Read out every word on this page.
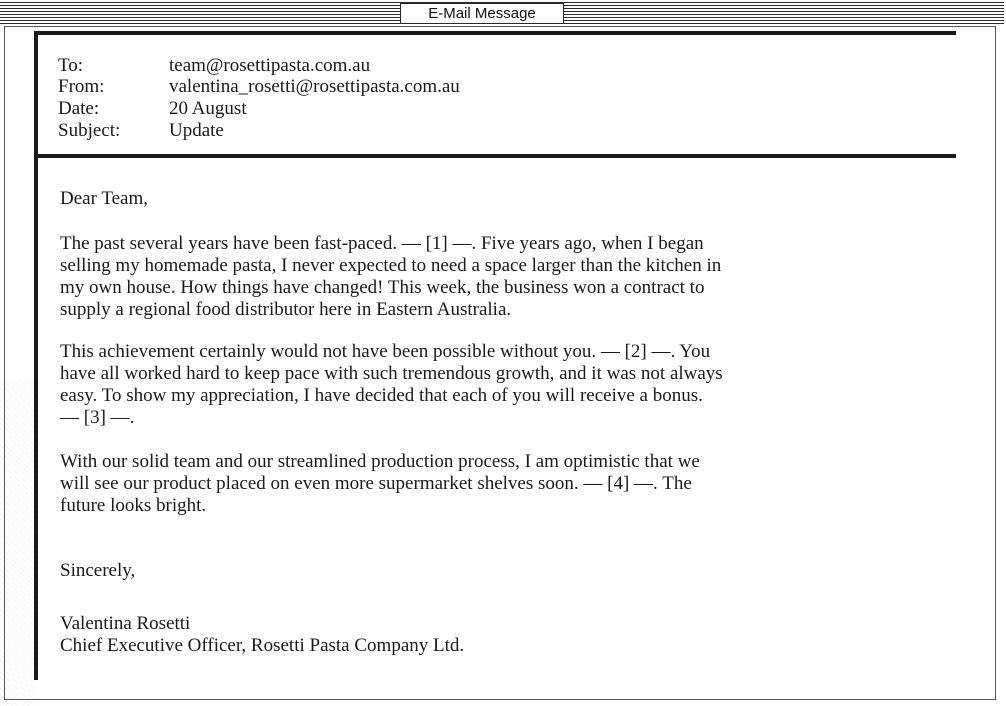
E-Mail Message
To:	team@rosettipasta.com.au
From:	valentina_rosetti@rosettipasta.com.au
Date:	20 August
Subject:	Update
Dear Team,
The past several years have been fast-paced. — [1] —. Five years ago, when I began
selling my homemade pasta, I never expected to need a space larger than the kitchen in
my own house. How things have changed! This week, the business won a contract to
supply a regional food distributor here in Eastern Australia.
This achievement certainly would not have been possible without you. — [2] —. You
have all worked hard to keep pace with such tremendous growth, and it was not always
easy. To show my appreciation, I have decided that each of you will receive a bonus.
— [3] —.
With our solid team and our streamlined production process, I am optimistic that we
will see our product placed on even more supermarket shelves soon. — [4] —. The
future looks bright.
Sincerely,
Valentina Rosetti
Chief Executive Officer, Rosetti Pasta Company Ltd.
